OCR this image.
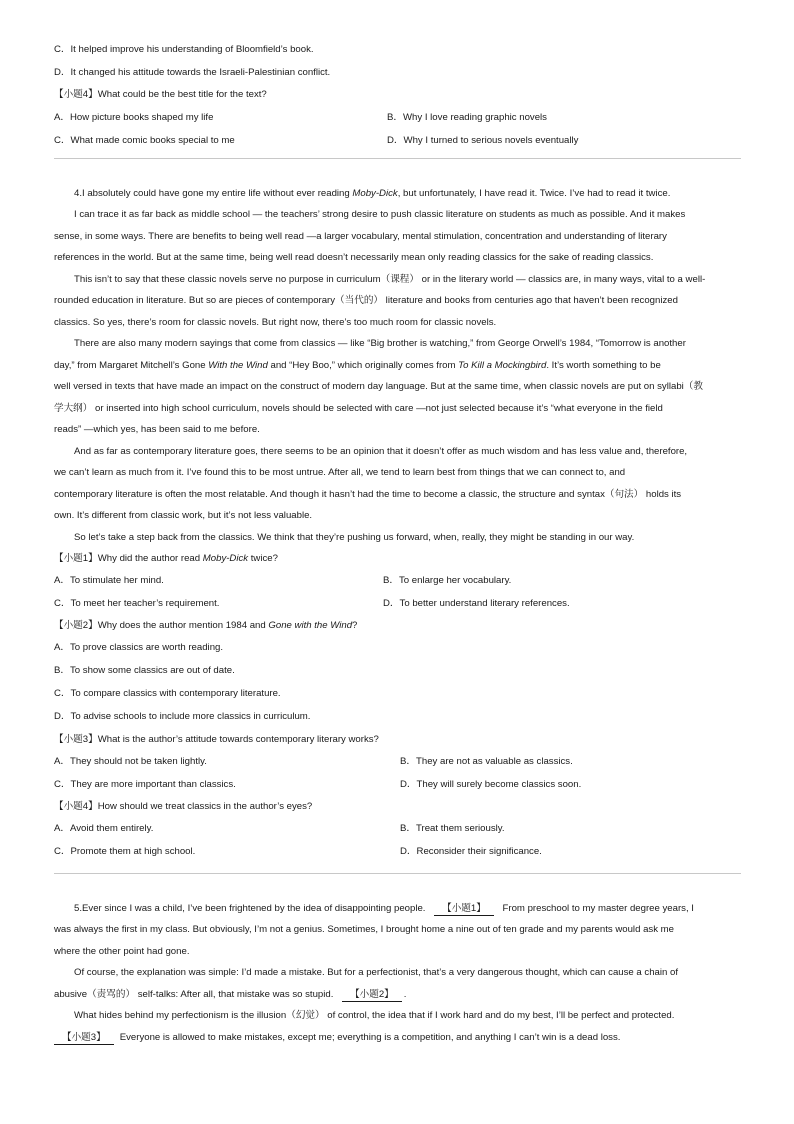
C．It helped improve his understanding of Bloomfield’s book.
D．It changed his attitude towards the Israeli-Palestinian conflict.
【小题4】What could be the best title for the text?
A．How picture books shaped my life	B．Why I love reading graphic novels
C．What made comic books special to me	D．Why I turned to serious novels eventually
4.I absolutely could have gone my entire life without ever reading Moby-Dick, but unfortunately, I have read it. Twice. I’ve had to read it twice.
I can trace it as far back as middle school — the teachers’ strong desire to push classic literature on students as much as possible. And it makes
sense, in some ways. There are benefits to being well read —a larger vocabulary, mental stimulation, concentration and understanding of literary
references in the world. But at the same time, being well read doesn’t necessarily mean only reading classics for the sake of reading classics.
This isn’t to say that these classic novels serve no purpose in curriculum（课程） or in the literary world — classics are, in many ways, vital to a well-
rounded education in literature. But so are pieces of contemporary（当代的） literature and books from centuries ago that haven’t been recognized
classics. So yes, there’s room for classic novels. But right now, there’s too much room for classic novels.
There are also many modern sayings that come from classics — like “Big brother is watching,” from George Orwell’s 1984, “Tomorrow is another
day,” from Margaret Mitchell’s Gone With the Wind and “Hey Boo,” which originally comes from To Kill a Mockingbird. It’s worth something to be
well versed in texts that have made an impact on the construct of modern day language. But at the same time, when classic novels are put on syllabi（教
学大纲） or inserted into high school curriculum, novels should be selected with care —not just selected because it’s “what everyone in the field
reads” —which yes, has been said to me before.
And as far as contemporary literature goes, there seems to be an opinion that it doesn’t offer as much wisdom and has less value and, therefore,
we can’t learn as much from it. I’ve found this to be most untrue. After all, we tend to learn best from things that we can connect to, and
contemporary literature is often the most relatable. And though it hasn’t had the time to become a classic, the structure and syntax（句法） holds its
own. It’s different from classic work, but it’s not less valuable.
So let’s take a step back from the classics. We think that they’re pushing us forward, when, really, they might be standing in our way.
【小题1】Why did the author read Moby-Dick twice?
A．To stimulate her mind.	B．To enlarge her vocabulary.
C．To meet her teacher’s requirement.	D．To better understand literary references.
【小题2】Why does the author mention 1984 and Gone with the Wind?
A．To prove classics are worth reading.
B．To show some classics are out of date.
C．To compare classics with contemporary literature.
D．To advise schools to include more classics in curriculum.
【小题3】What is the author’s attitude towards contemporary literary works?
A．They should not be taken lightly.	B．They are not as valuable as classics.
C．They are more important than classics.	D．They will surely become classics soon.
【小题4】How should we treat classics in the author’s eyes?
A．Avoid them entirely.	B．Treat them seriously.
C．Promote them at high school.	D．Reconsider their significance.
5.Ever since I was a child, I’ve been frightened by the idea of disappointing people. 【小题1】 From preschool to my master degree years, I
was always the first in my class. But obviously, I’m not a genius. Sometimes, I brought home a nine out of ten grade and my parents would ask me
where the other point had gone.
Of course, the explanation was simple: I’d made a mistake. But for a perfectionist, that’s a very dangerous thought, which can cause a chain of
abusive（责骂的） self-talks: After all, that mistake was so stupid. 【小题2】 .
What hides behind my perfectionism is the illusion（幻觉） of control, the idea that if I work hard and do my best, I’ll be perfect and protected.
【小题3】 Everyone is allowed to make mistakes, except me; everything is a competition, and anything I can’t win is a dead loss.
